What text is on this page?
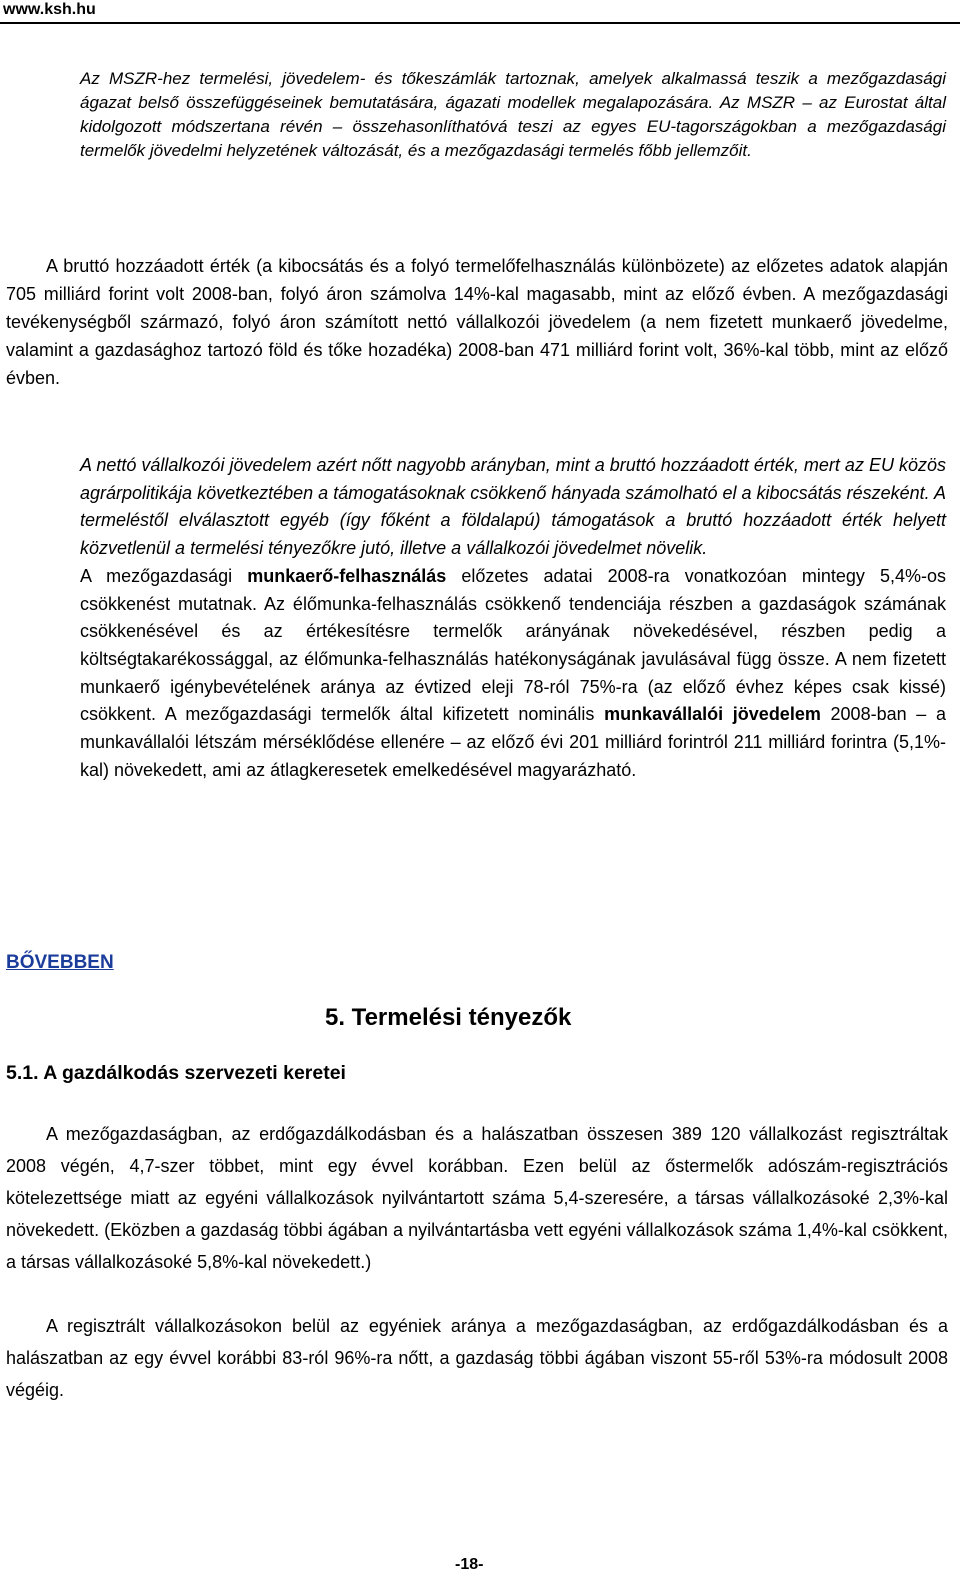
www.ksh.hu
Az MSZR-hez termelési, jövedelem- és tőkeszámlák tartoznak, amelyek alkalmassá teszik a mezőgazdasági ágazat belső összefüggéseinek bemutatására, ágazati modellek megalapozására. Az MSZR – az Eurostat által kidolgozott módszertana révén – összehasonlíthatóvá teszi az egyes EU-tagországokban a mezőgazdasági termelők jövedelmi helyzetének változását, és a mezőgazdasági termelés főbb jellemzőit.
A bruttó hozzáadott érték (a kibocsátás és a folyó termelőfelhasználás különbözete) az előzetes adatok alapján 705 milliárd forint volt 2008-ban, folyó áron számolva 14%-kal magasabb, mint az előző évben. A mezőgazdasági tevékenységből származó, folyó áron számított nettó vállalkozói jövedelem (a nem fizetett munkaerő jövedelme, valamint a gazdasághoz tartozó föld és tőke hozadéka) 2008-ban 471 milliárd forint volt, 36%-kal több, mint az előző évben.

A nettó vállalkozói jövedelem azért nőtt nagyobb arányban, mint a bruttó hozzáadott érték, mert az EU közös agrárpolitikája következtében a támogatásoknak csökkenő hányada számolható el a kibocsátás részeként. A termeléstől elválasztott egyéb (így főként a földalapú) támogatások a bruttó hozzáadott érték helyett közvetlenül a termelési tényezőkre jutó, illetve a vállalkozói jövedelmet növelik.

A mezőgazdasági munkaerő-felhasználás előzetes adatai 2008-ra vonatkozóan mintegy 5,4%-os csökkenést mutatnak. Az élőmunka-felhasználás csökkenő tendenciája részben a gazdaságok számának csökkenésével és az értékesítésre termelők arányának növekedésével, részben pedig a költségtakarékossággal, az élőmunka-felhasználás hatékonyságának javulásával függ össze. A nem fizetett munkaerő igénybevételének aránya az évtized eleji 78-ról 75%-ra (az előző évhez képes csak kissé) csökkent. A mezőgazdasági termelők által kifizetett nominális munkavállalói jövedelem 2008-ban – a munkavállalói létszám mérséklődése ellenére – az előző évi 201 milliárd forintról 211 milliárd forintra (5,1%-kal) növekedett, ami az átlagkeresetek emelkedésével magyarázható.

BŐVEBBEN
5. Termelési tényezők
5.1. A gazdálkodás szervezeti keretei
A mezőgazdaságban, az erdőgazdálkodásban és a halászatban összesen 389 120 vállalkozást regisztráltak 2008 végén, 4,7-szer többet, mint egy évvel korábban. Ezen belül az őstermelők adószám-regisztrációs kötelezettsége miatt az egyéni vállalkozások nyilvántartott száma 5,4-szeresére, a társas vállalkozásoké 2,3%-kal növekedett. (Eközben a gazdaság többi ágában a nyilvántartásba vett egyéni vállalkozások száma 1,4%-kal csökkent, a társas vállalkozásoké 5,8%-kal növekedett.)
A regisztrált vállalkozásokon belül az egyéniek aránya a mezőgazdaságban, az erdőgazdálkodásban és a halászatban az egy évvel korábbi 83-ról 96%-ra nőtt, a gazdaság többi ágában viszont 55-ről 53%-ra módosult 2008 végéig.
-18-
